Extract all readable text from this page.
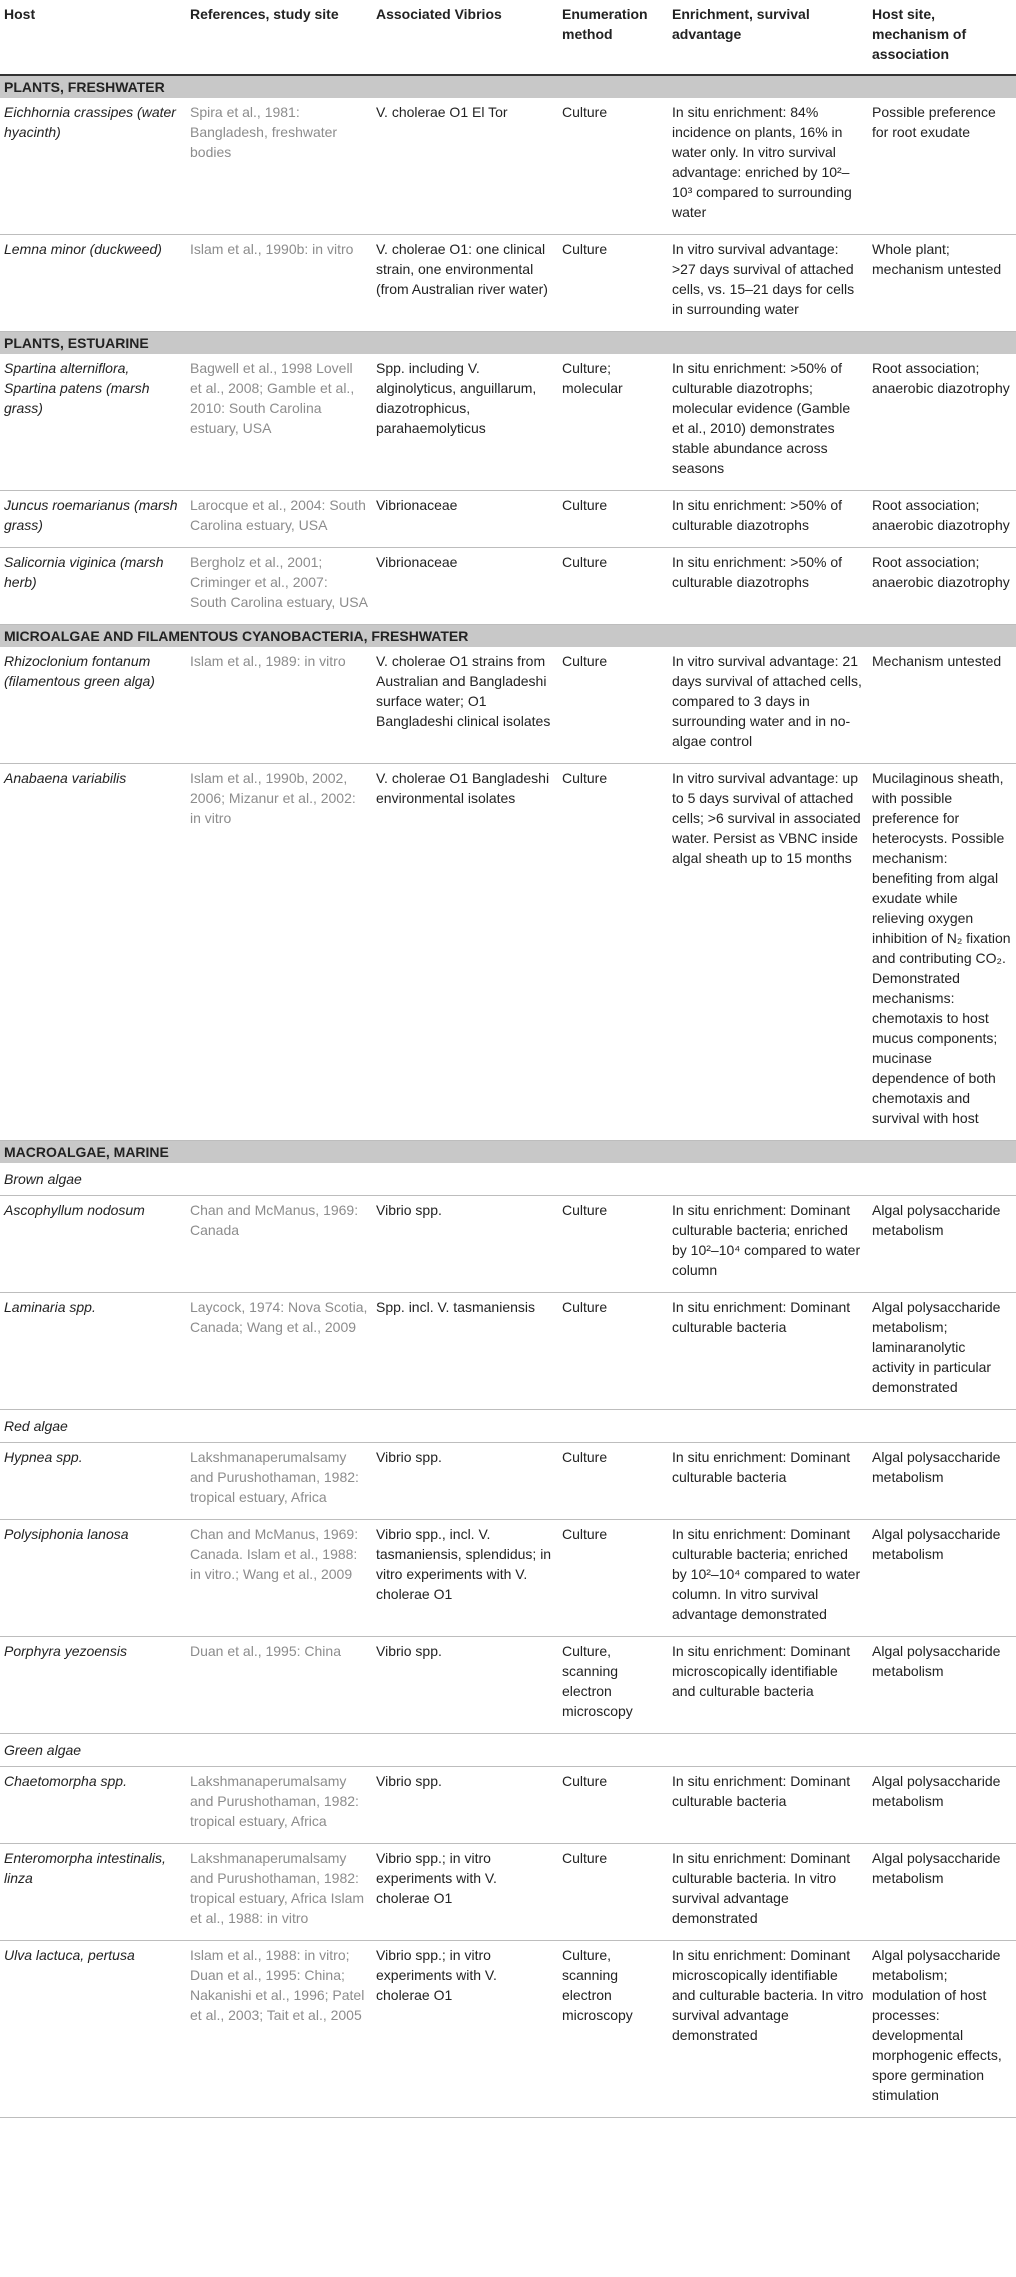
Host	References, study site	Associated Vibrios	Enumeration method	Enrichment, survival advantage	Host site, mechanism of association
PLANTS, FRESHWATER					
Eichhornia crassipes (water hyacinth)	Spira et al., 1981: Bangladesh, freshwater bodies	V. cholerae O1 El Tor	Culture	In situ enrichment: 84% incidence on plants, 16% in water only. In vitro survival advantage: enriched by 10²–10³ compared to surrounding water	Possible preference for root exudate
Lemna minor (duckweed)	Islam et al., 1990b: in vitro	V. cholerae O1: one clinical strain, one environmental (from Australian river water)	Culture	In vitro survival advantage: >27 days survival of attached cells, vs. 15–21 days for cells in surrounding water	Whole plant; mechanism untested
PLANTS, ESTUARINE					
Spartina alterniflora, Spartina patens (marsh grass)	Bagwell et al., 1998 Lovell et al., 2008; Gamble et al., 2010: South Carolina estuary, USA	Spp. including V. alginolyticus, anguillarum, diazotrophicus, parahaemolyticus	Culture; molecular	In situ enrichment: >50% of culturable diazotrophs; molecular evidence (Gamble et al., 2010) demonstrates stable abundance across seasons	Root association; anaerobic diazotrophy
Juncus roemarianus (marsh grass)	Larocque et al., 2004: South Carolina estuary, USA	Vibrionaceae	Culture	In situ enrichment: >50% of culturable diazotrophs	Root association; anaerobic diazotrophy
Salicornia viginica (marsh herb)	Bergholz et al., 2001; Criminger et al., 2007: South Carolina estuary, USA	Vibrionaceae	Culture	In situ enrichment: >50% of culturable diazotrophs	Root association; anaerobic diazotrophy
MICROALGAE AND FILAMENTOUS CYANOBACTERIA, FRESHWATER					
Rhizoclonium fontanum (filamentous green alga)	Islam et al., 1989: in vitro	V. cholerae O1 strains from Australian and Bangladeshi surface water; O1 Bangladeshi clinical isolates	Culture	In vitro survival advantage: 21 days survival of attached cells, compared to 3 days in surrounding water and in no-algae control	Mechanism untested
Anabaena variabilis	Islam et al., 1990b, 2002, 2006; Mizanur et al., 2002: in vitro	V. cholerae O1 Bangladeshi environmental isolates	Culture	In vitro survival advantage: up to 5 days survival of attached cells; >6 survival in associated water. Persist as VBNC inside algal sheath up to 15 months	Mucilaginous sheath, with possible preference for heterocysts. Possible mechanism: benefiting from algal exudate while relieving oxygen inhibition of N₂ fixation and contributing CO₂. Demonstrated mechanisms: chemotaxis to host mucus components; mucinase dependence of both chemotaxis and survival with host
MACROALGAE, MARINE					
Brown algae					
Ascophyllum nodosum	Chan and McManus, 1969: Canada	Vibrio spp.	Culture	In situ enrichment: Dominant culturable bacteria; enriched by 10²–10⁴ compared to water column	Algal polysaccharide metabolism
Laminaria spp.	Laycock, 1974: Nova Scotia, Canada; Wang et al., 2009	Spp. incl. V. tasmaniensis	Culture	In situ enrichment: Dominant culturable bacteria	Algal polysaccharide metabolism; laminaranolytic activity in particular demonstrated
Red algae					
Hypnea spp.	Lakshmanaperumalsamy and Purushothaman, 1982: tropical estuary, Africa	Vibrio spp.	Culture	In situ enrichment: Dominant culturable bacteria	Algal polysaccharide metabolism
Polysiphonia lanosa	Chan and McManus, 1969: Canada. Islam et al., 1988: in vitro.; Wang et al., 2009	Vibrio spp., incl. V. tasmaniensis, splendidus; in vitro experiments with V. cholerae O1	Culture	In situ enrichment: Dominant culturable bacteria; enriched by 10²–10⁴ compared to water column. In vitro survival advantage demonstrated	Algal polysaccharide metabolism
Porphyra yezoensis	Duan et al., 1995: China	Vibrio spp.	Culture, scanning electron microscopy	In situ enrichment: Dominant microscopically identifiable and culturable bacteria	Algal polysaccharide metabolism
Green algae					
Chaetomorpha spp.	Lakshmanaperumalsamy and Purushothaman, 1982: tropical estuary, Africa	Vibrio spp.	Culture	In situ enrichment: Dominant culturable bacteria	Algal polysaccharide metabolism
Enteromorpha intestinalis, linza	Lakshmanaperumalsamy and Purushothaman, 1982: tropical estuary, Africa Islam et al., 1988: in vitro	Vibrio spp.; in vitro experiments with V. cholerae O1	Culture	In situ enrichment: Dominant culturable bacteria. In vitro survival advantage demonstrated	Algal polysaccharide metabolism
Ulva lactuca, pertusa	Islam et al., 1988: in vitro; Duan et al., 1995: China; Nakanishi et al., 1996; Patel et al., 2003; Tait et al., 2005	Vibrio spp.; in vitro experiments with V. cholerae O1	Culture, scanning electron microscopy	In situ enrichment: Dominant microscopically identifiable and culturable bacteria. In vitro survival advantage demonstrated	Algal polysaccharide metabolism; modulation of host processes: developmental morphogenic effects, spore germination stimulation
